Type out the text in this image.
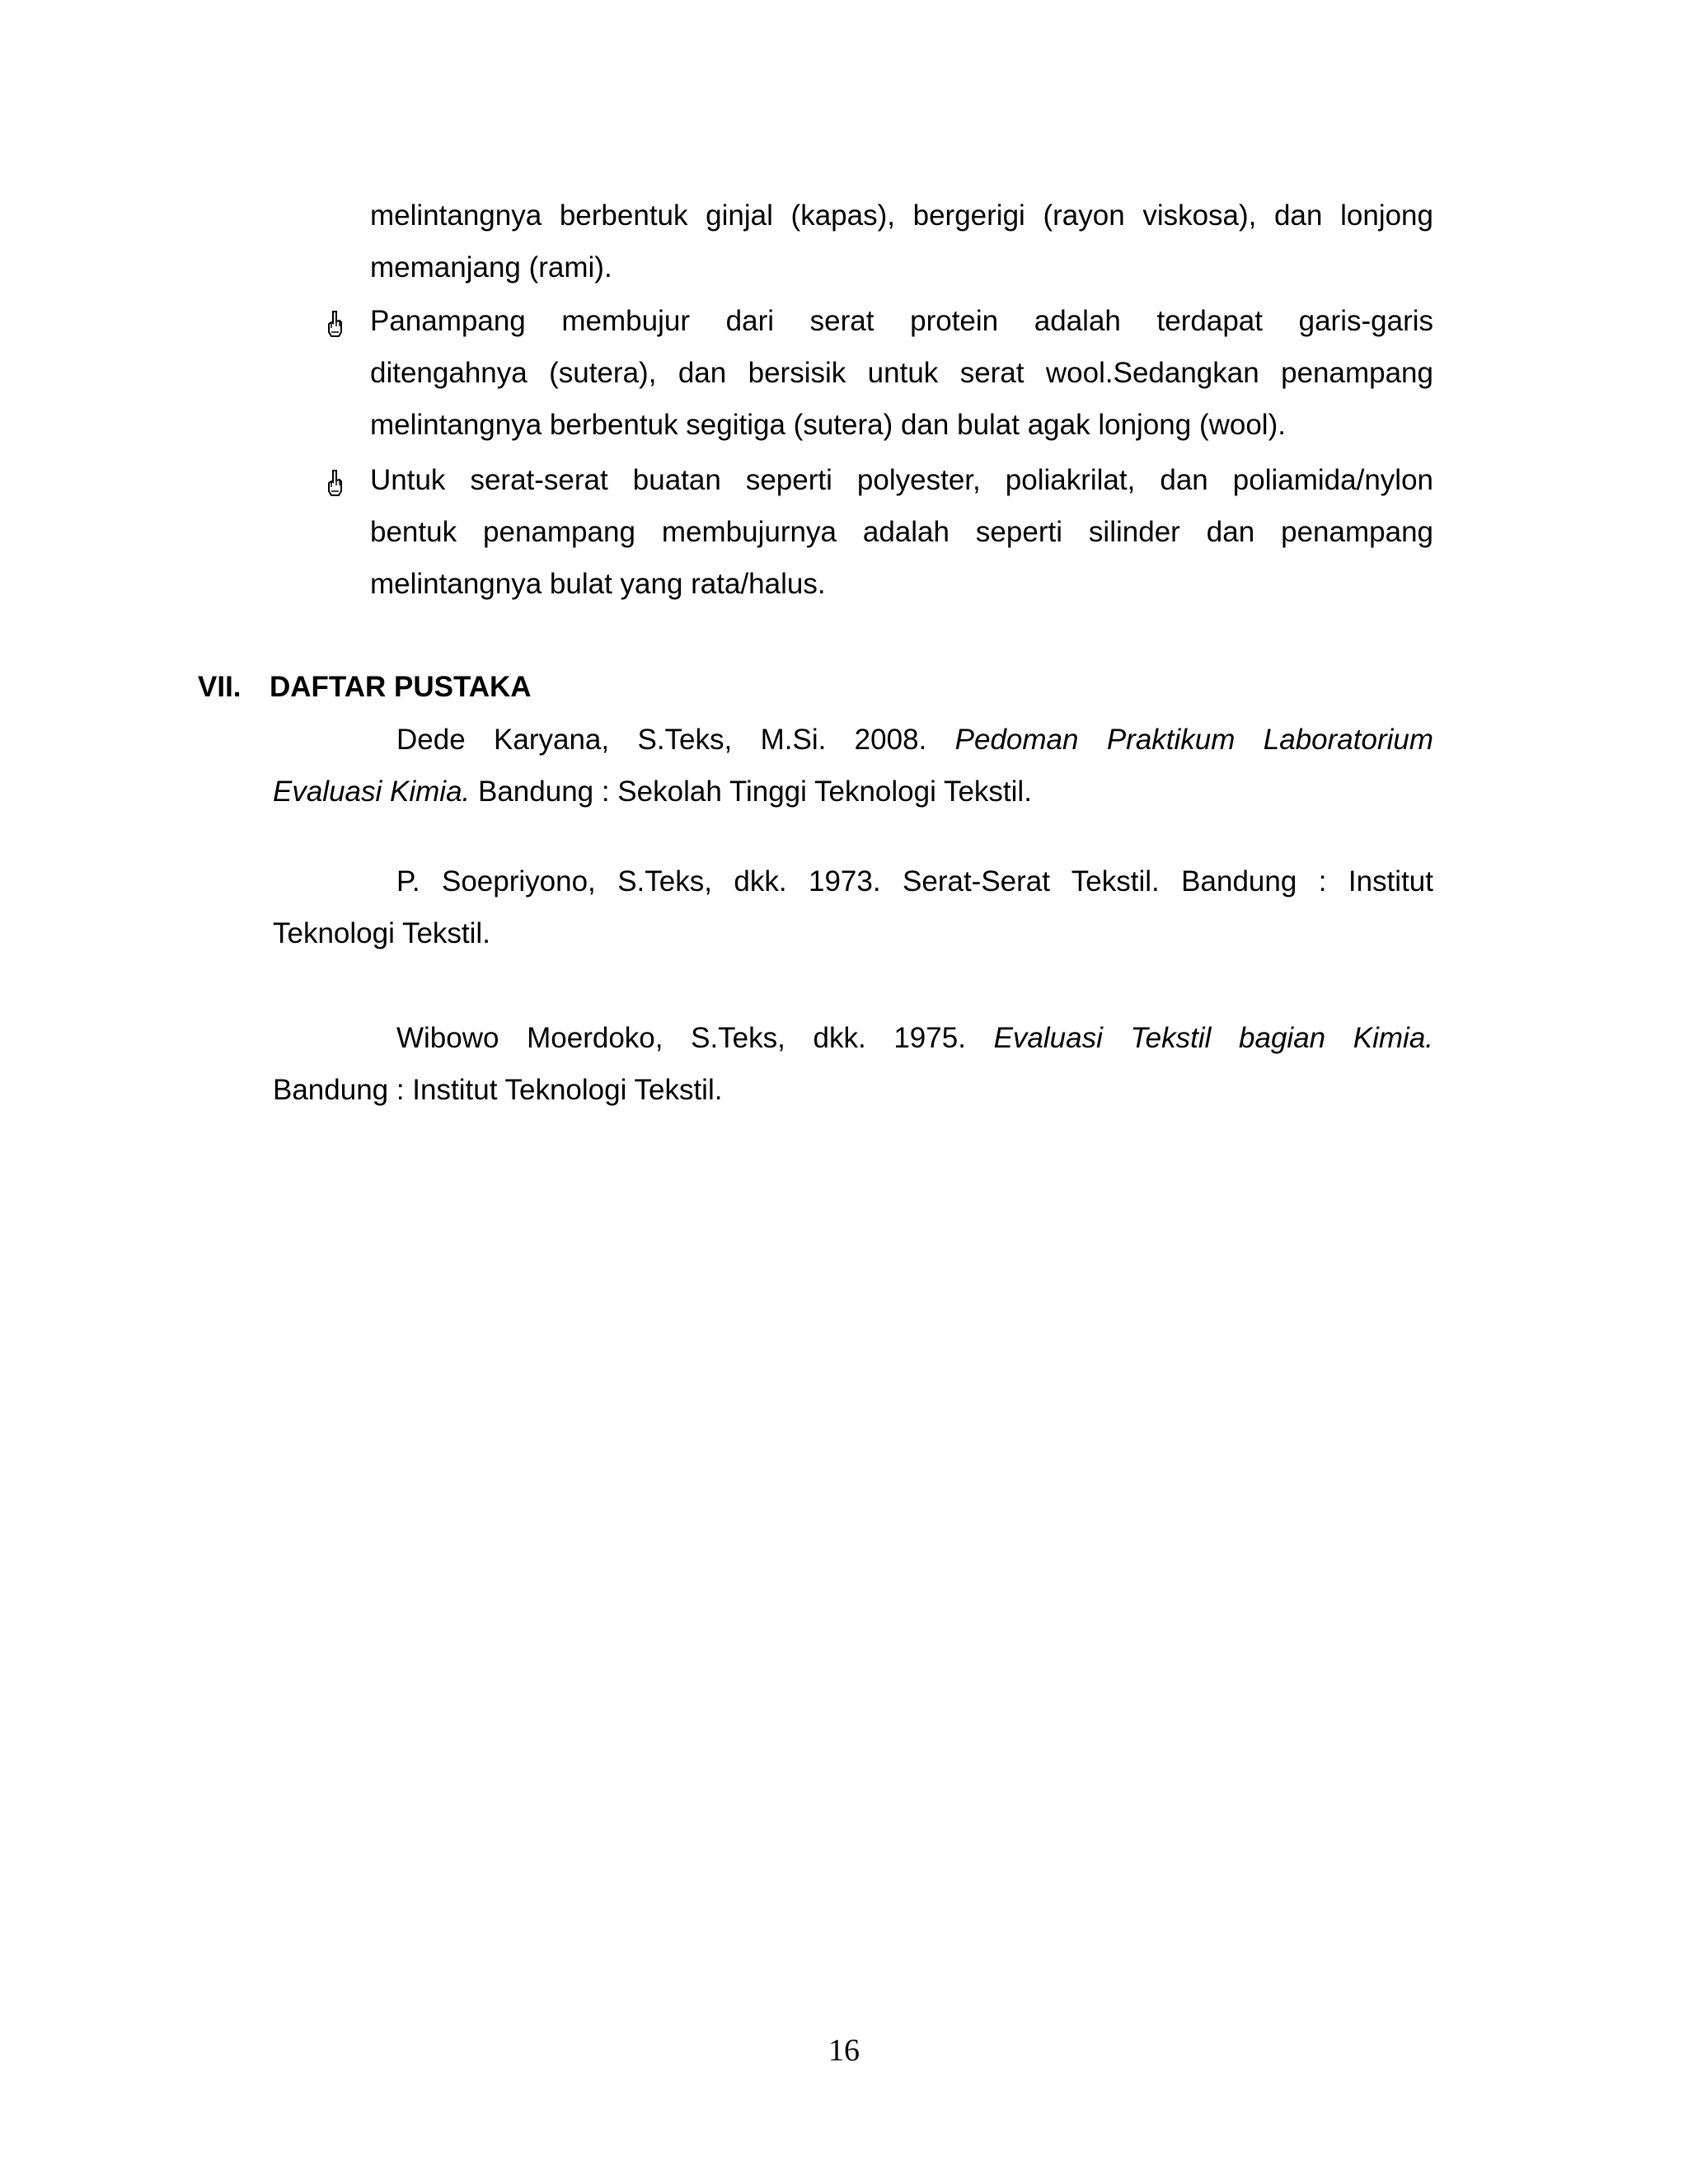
melintangnya berbentuk ginjal (kapas), bergerigi (rayon viskosa), dan lonjong
memanjang (rami).
Panampang membujur dari serat protein adalah terdapat garis-garis
ditengahnya (sutera), dan bersisik untuk serat wool.Sedangkan penampang
melintangnya berbentuk segitiga (sutera) dan bulat agak lonjong (wool).
Untuk serat-serat buatan seperti polyester, poliakrilat, dan poliamida/nylon
bentuk penampang membujurnya adalah seperti silinder dan penampang
melintangnya bulat yang rata/halus.
VII. DAFTAR PUSTAKA
Dede Karyana, S.Teks, M.Si. 2008. Pedoman Praktikum Laboratorium
Evaluasi Kimia. Bandung : Sekolah Tinggi Teknologi Tekstil.
P. Soepriyono, S.Teks, dkk. 1973. Serat-Serat Tekstil. Bandung : Institut
Teknologi Tekstil.
Wibowo Moerdoko, S.Teks, dkk. 1975. Evaluasi Tekstil bagian Kimia.
Bandung : Institut Teknologi Tekstil.
16
